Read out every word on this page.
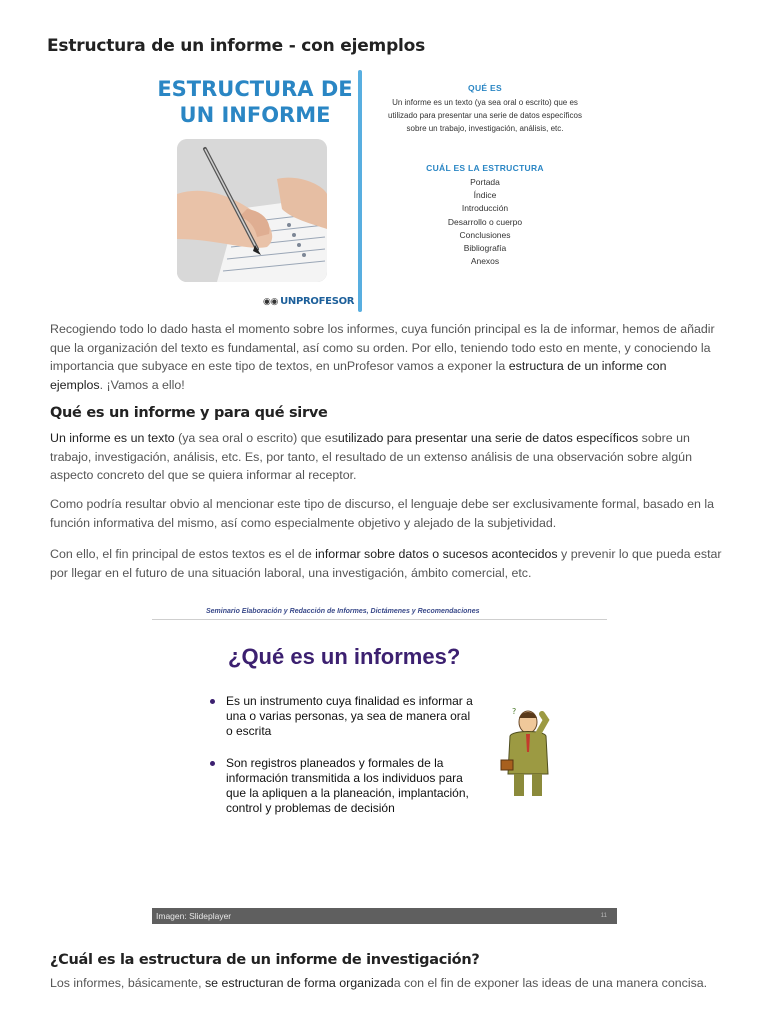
Estructura de un informe - con ejemplos
ESTRUCTURA DE
UN INFORME
◉◉ UNPROFESOR
QUÉ ES
Un informe es un texto (ya sea oral o escrito) que es
utilizado para presentar una serie de datos específicos
sobre un trabajo, investigación, análisis, etc.
CUÁL ES LA ESTRUCTURA
Portada
Índice
Introducción
Desarrollo o cuerpo
Conclusiones
Bibliografía
Anexos

Recogiendo todo lo dado hasta el momento sobre los informes, cuya función principal es la de informar, hemos de añadir que la organización del texto es fundamental, así como su orden. Por ello, teniendo todo esto en mente, y conociendo la importancia que subyace en este tipo de textos, en unProfesor vamos a exponer la estructura de un informe con ejemplos. ¡Vamos a ello!

Qué es un informe y para qué sirve

Un informe es un texto (ya sea oral o escrito) que esutilizado para presentar una serie de datos específicos sobre un trabajo, investigación, análisis, etc. Es, por tanto, el resultado de un extenso análisis de una observación sobre algún aspecto concreto del que se quiera informar al receptor.

Como podría resultar obvio al mencionar este tipo de discurso, el lenguaje debe ser exclusivamente formal, basado en la función informativa del mismo, así como especialmente objetivo y alejado de la subjetividad.

Con ello, el fin principal de estos textos es el de informar sobre datos o sucesos acontecidos y prevenir lo que pueda estar por llegar en el futuro de una situación laboral, una investigación, ámbito comercial, etc.

Seminario Elaboración y Redacción de Informes, Dictámenes y Recomendaciones
¿Qué es un informes?
Es un instrumento cuya finalidad es informar a una o varias personas, ya sea de manera oral o escrita
Son registros planeados y formales de la información transmitida a los individuos para que la apliquen a la planeación, implantación, control y problemas de decisión
?
Imagen: Slideplayer	11
¿Cuál es la estructura de un informe de investigación?

Los informes, básicamente, se estructuran de forma organizada con el fin de exponer las ideas de una manera concisa.
